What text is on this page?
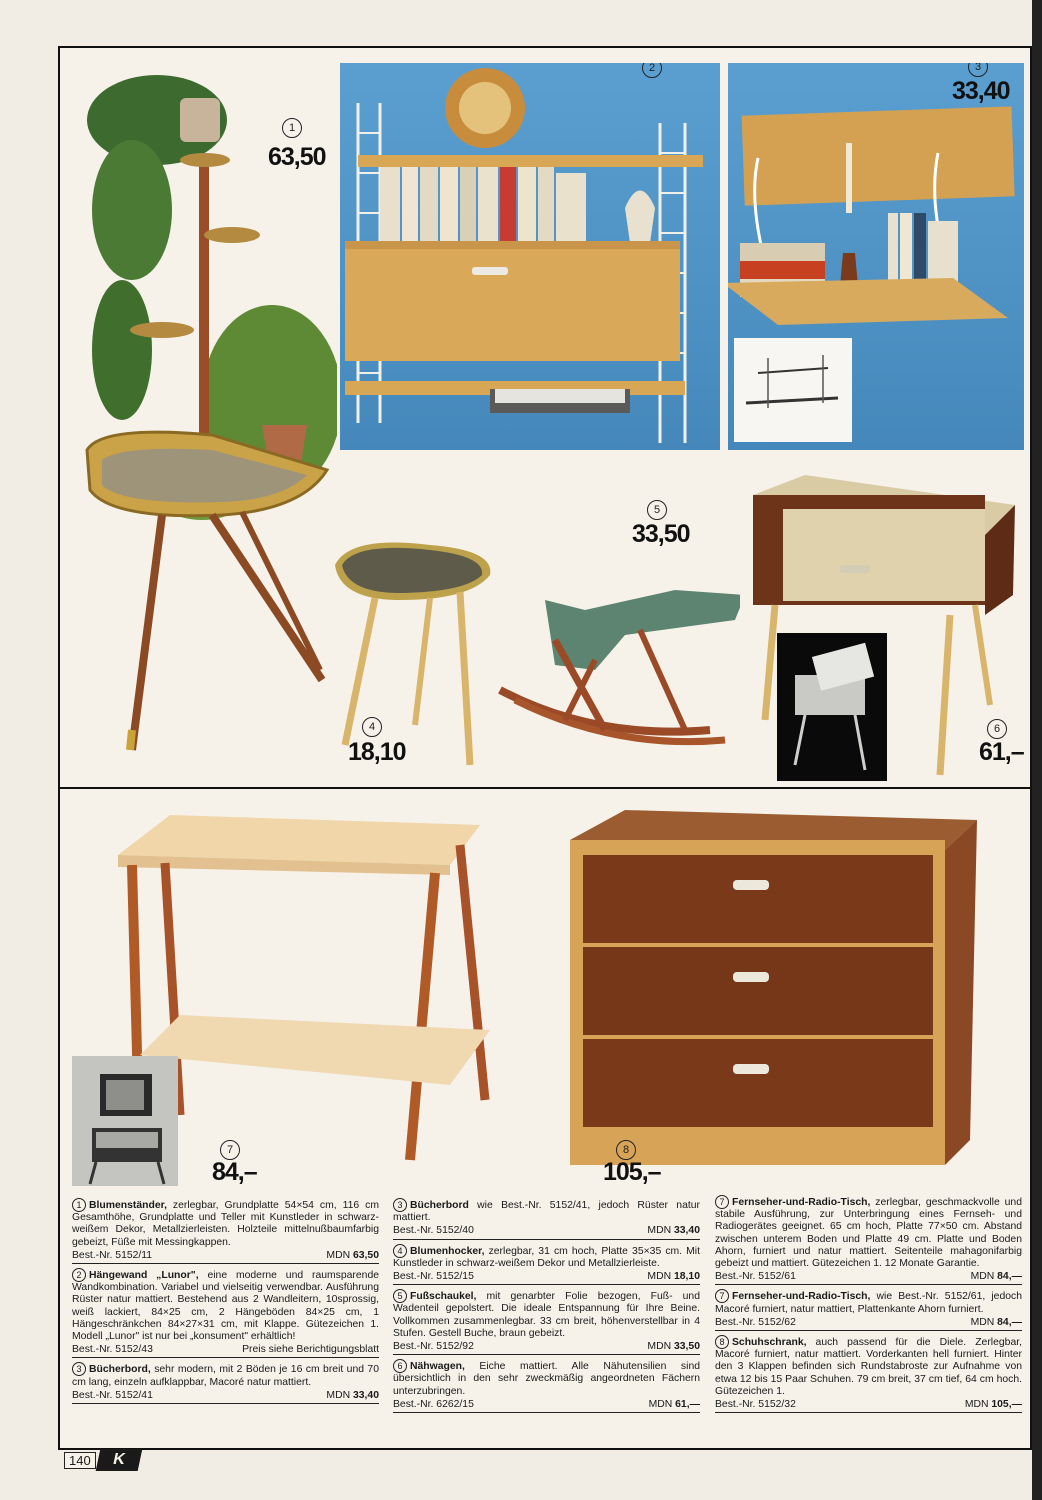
1
63,50
2	3
33,40
4
18,10
5
33,50
6
61,–
7
84,–
8
105,–
1 Blumenständer, zerlegbar, Grundplatte 54×54 cm, 116 cm Gesamthöhe, Grundplatte und Teller mit Kunstleder in schwarz-weißem Dekor, Metallzierleisten. Holzteile mittelnußbaumfarbig gebeizt, Füße mit Messingkappen.
Best.-Nr. 5152/11	MDN 63,50
2 Hängewand „Lunor", eine moderne und raumsparende Wandkombination. Variabel und vielseitig verwendbar. Ausführung Rüster natur mattiert. Bestehend aus 2 Wandleitern, 10sprossig, weiß lackiert, 84×25 cm, 2 Hängeböden 84×25 cm, 1 Hängeschränkchen 84×27×31 cm, mit Klappe. Gütezeichen 1. Modell „Lunor" ist nur bei „konsument" erhältlich!
Best.-Nr. 5152/43	Preis siehe Berichtigungsblatt
3 Bücherbord, sehr modern, mit 2 Böden je 16 cm breit und 70 cm lang, einzeln aufklappbar, Macoré natur mattiert.
Best.-Nr. 5152/41	MDN 33,40
3 Bücherbord wie Best.-Nr. 5152/41, jedoch Rüster natur mattiert.
Best.-Nr. 5152/40	MDN 33,40
4 Blumenhocker, zerlegbar, 31 cm hoch, Platte 35×35 cm. Mit Kunstleder in schwarz-weißem Dekor und Metallzierleiste.
Best.-Nr. 5152/15	MDN 18,10
5 Fußschaukel, mit genarbter Folie bezogen, Fuß- und Wadenteil gepolstert. Die ideale Entspannung für Ihre Beine. Vollkommen zusammenlegbar. 33 cm breit, höhenverstellbar in 4 Stufen. Gestell Buche, braun gebeizt.
Best.-Nr. 5152/92	MDN 33,50
6 Nähwagen, Eiche mattiert. Alle Nähutensilien sind übersichtlich in den sehr zweckmäßig angeordneten Fächern unterzubringen.
Best.-Nr. 6262/15	MDN 61,—
7 Fernseher-und-Radio-Tisch, zerlegbar, geschmackvolle und stabile Ausführung, zur Unterbringung eines Fernseh- und Radiogerätes geeignet. 65 cm hoch, Platte 77×50 cm. Abstand zwischen unterem Boden und Platte 49 cm. Platte und Boden Ahorn, furniert und natur mattiert. Seitenteile mahagonifarbig gebeizt und mattiert. Gütezeichen 1. 12 Monate Garantie.
Best.-Nr. 5152/61	MDN 84,—
7 Fernseher-und-Radio-Tisch, wie Best.-Nr. 5152/61, jedoch Macoré furniert, natur mattiert, Plattenkante Ahorn furniert.
Best.-Nr. 5152/62	MDN 84,—
8 Schuhschrank, auch passend für die Diele. Zerlegbar, Macoré furniert, natur mattiert. Vorderkanten hell furniert. Hinter den 3 Klappen befinden sich Rundstabroste zur Aufnahme von etwa 12 bis 15 Paar Schuhen. 79 cm breit, 37 cm tief, 64 cm hoch. Gütezeichen 1.
Best.-Nr. 5152/32	MDN 105,—
140	K
